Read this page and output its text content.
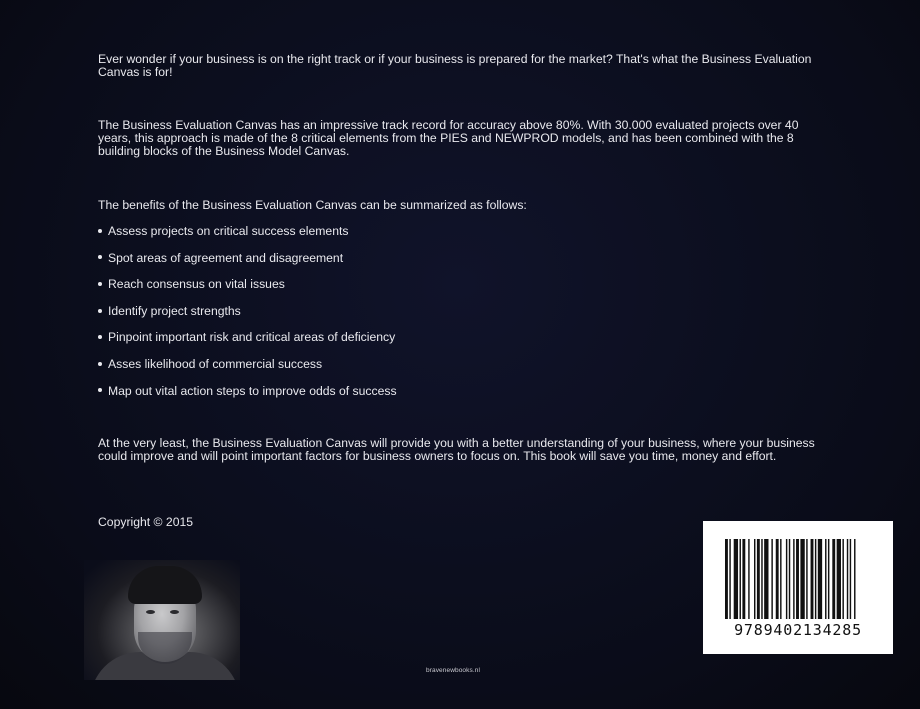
Ever wonder if your business is on the right track or if your business is prepared for the market? That's what the Business Evaluation Canvas is for!

The Business Evaluation Canvas has an impressive track record for accuracy above 80%. With 30.000 evaluated projects over 40 years, this approach is made of the 8 critical elements from the PIES and NEWPROD models, and has been combined with the 8 building blocks of the Business Model Canvas.

The benefits of the Business Evaluation Canvas can be summarized as follows:

Assess projects on critical success elements
Spot areas of agreement and disagreement
Reach consensus on vital issues
Identify project strengths
Pinpoint important risk and critical areas of deficiency
Asses likelihood of commercial success
Map out vital action steps to improve odds of success

At the very least, the Business Evaluation Canvas will provide you with a better understanding of your business, where your business could improve and will point important factors for business owners to focus on. This book will save you time, money and effort.

Copyright © 2015

bravenewbooks.nl
9789402134285
